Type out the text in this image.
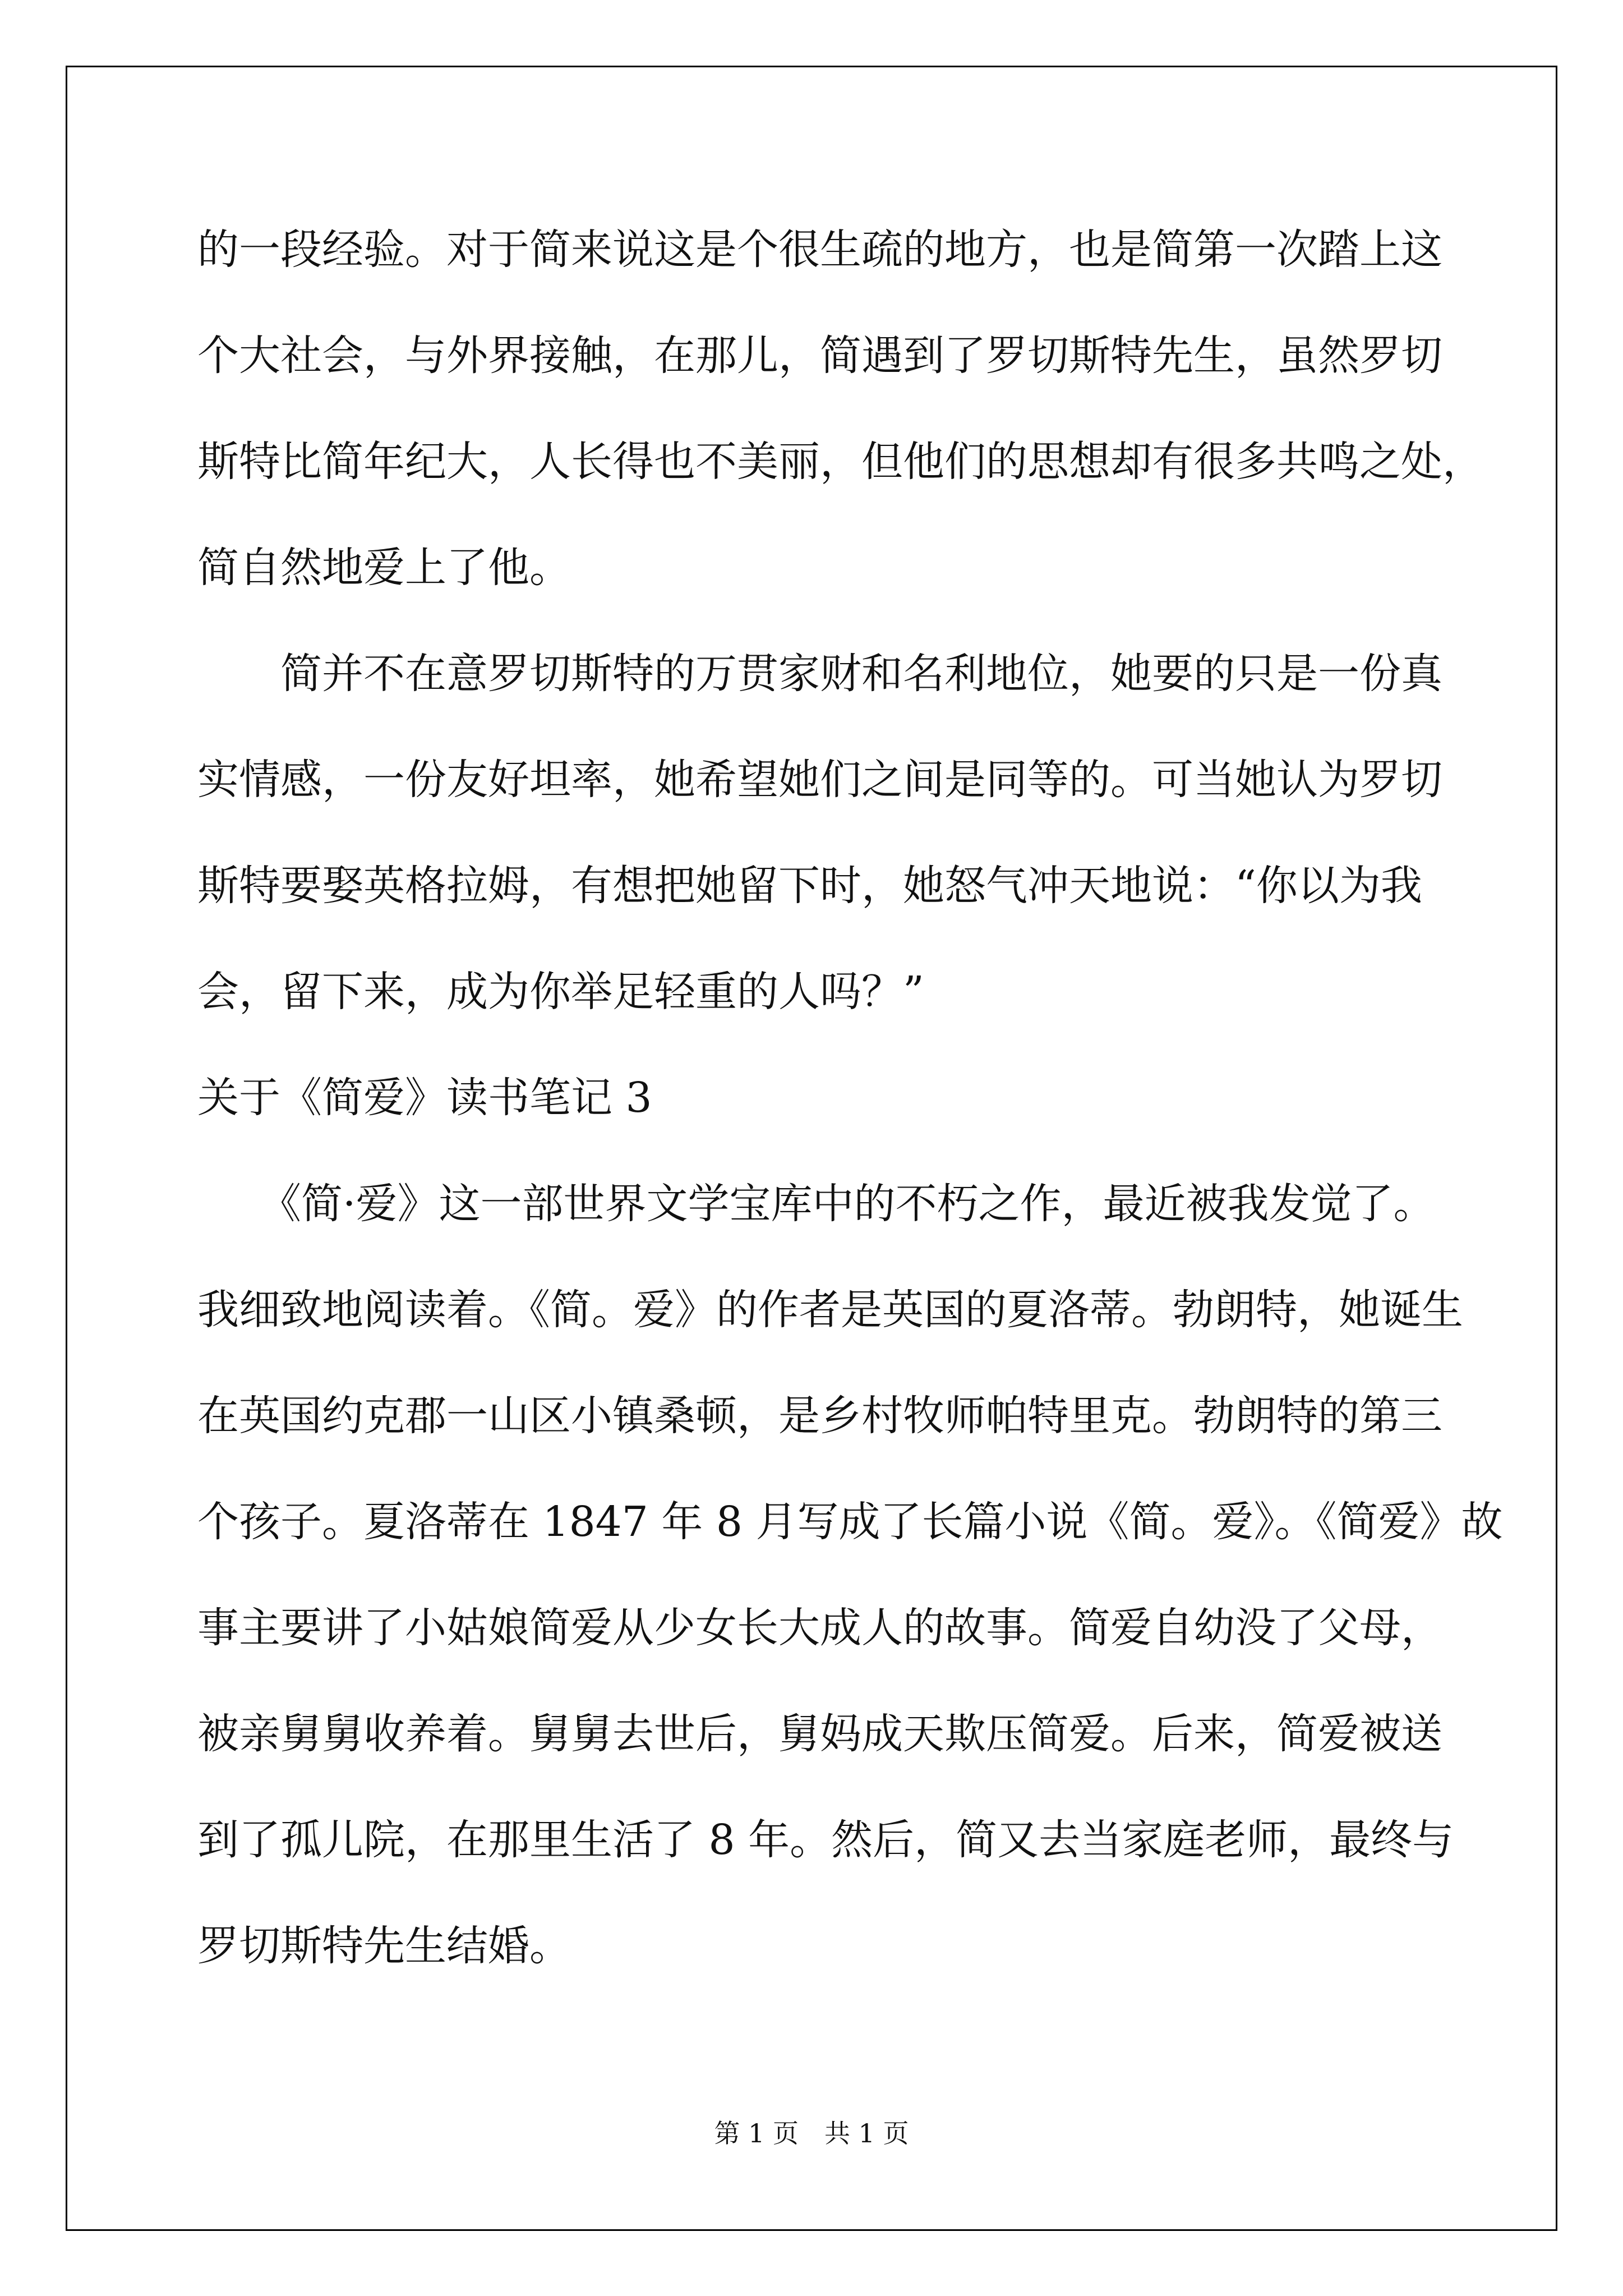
的一段经验。对于简来说这是个很生疏的地方，也是简第一次踏上这
个大社会，与外界接触，在那儿，简遇到了罗切斯特先生，虽然罗切
斯特比简年纪大，人长得也不美丽，但他们的思想却有很多共鸣之处，
简自然地爱上了他。
　　简并不在意罗切斯特的万贯家财和名利地位，她要的只是一份真
实情感，一份友好坦率，她希望她们之间是同等的。可当她认为罗切
斯特要娶英格拉姆，有想把她留下时，她怒气冲天地说：“你以为我
会，留下来，成为你举足轻重的人吗？”
关于《简爱》读书笔记 3
　　《简·爱》这一部世界文学宝库中的不朽之作，最近被我发觉了。
我细致地阅读着。《简。爱》的作者是英国的夏洛蒂。勃朗特，她诞生
在英国约克郡一山区小镇桑顿，是乡村牧师帕特里克。勃朗特的第三
个孩子。夏洛蒂在 1847 年 8 月写成了长篇小说《简。爱》。《简爱》故
事主要讲了小姑娘简爱从少女长大成人的故事。简爱自幼没了父母，
被亲舅舅收养着。舅舅去世后，舅妈成天欺压简爱。后来，简爱被送
到了孤儿院，在那里生活了 8 年。然后，简又去当家庭老师，最终与
罗切斯特先生结婚。
第 1 页　共 1 页
